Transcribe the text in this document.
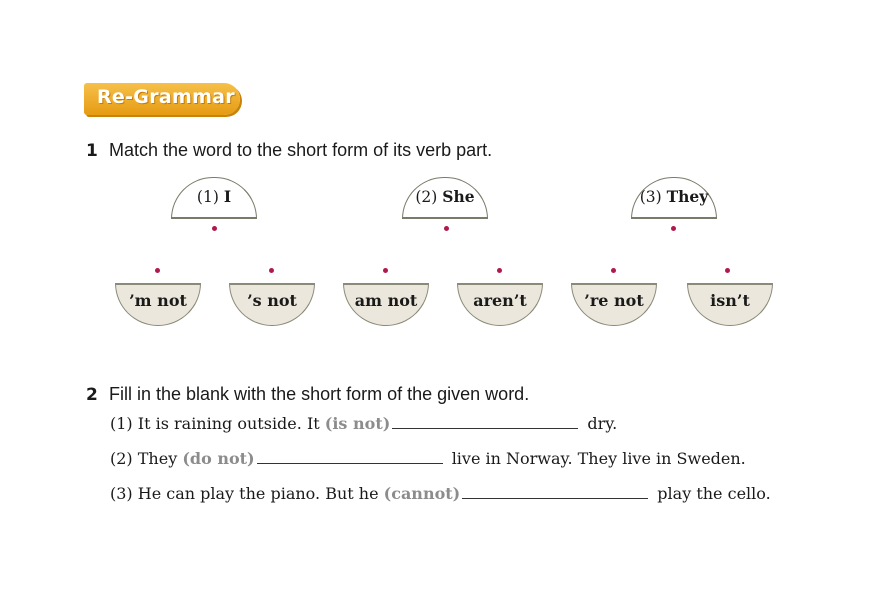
Re-Grammar
1 Match the word to the short form of its verb part.
(1) I	(2) She	(3) They
’m not	’s not	am not	aren’t	’re not	isn’t
2 Fill in the blank with the short form of the given word.
(1) It is raining outside. It (is not)	dry.
(2) They (do not)	live in Norway. They live in Sweden.
(3) He can play the piano. But he (cannot)	play the cello.
